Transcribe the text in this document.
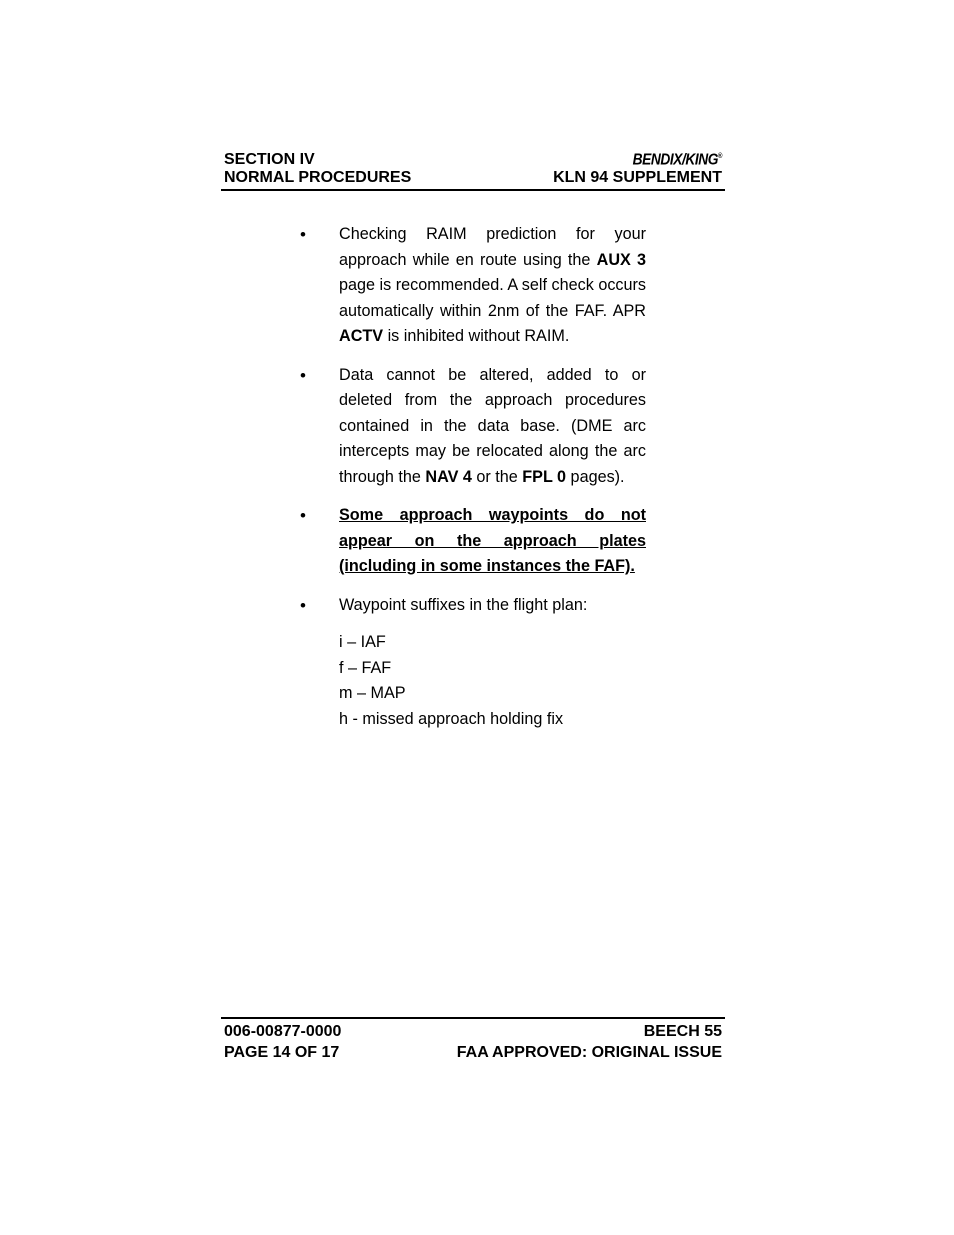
SECTION IV	BENDIX/KING®
NORMAL PROCEDURES	KLN 94 SUPPLEMENT
• Checking RAIM prediction for your approach while en route using the AUX 3 page is recommended. A self check occurs automatically within 2nm of the FAF. APR ACTV is inhibited without RAIM.
• Data cannot be altered, added to or deleted from the approach procedures contained in the data base. (DME arc intercepts may be relocated along the arc through the NAV 4 or the FPL 0 pages).
• Some approach waypoints do not appear on the approach plates (including in some instances the FAF).
• Waypoint suffixes in the flight plan:
i – IAF
f – FAF
m – MAP
h - missed approach holding fix
006-00877-0000	BEECH 55
PAGE 14 OF 17	FAA APPROVED: ORIGINAL ISSUE
